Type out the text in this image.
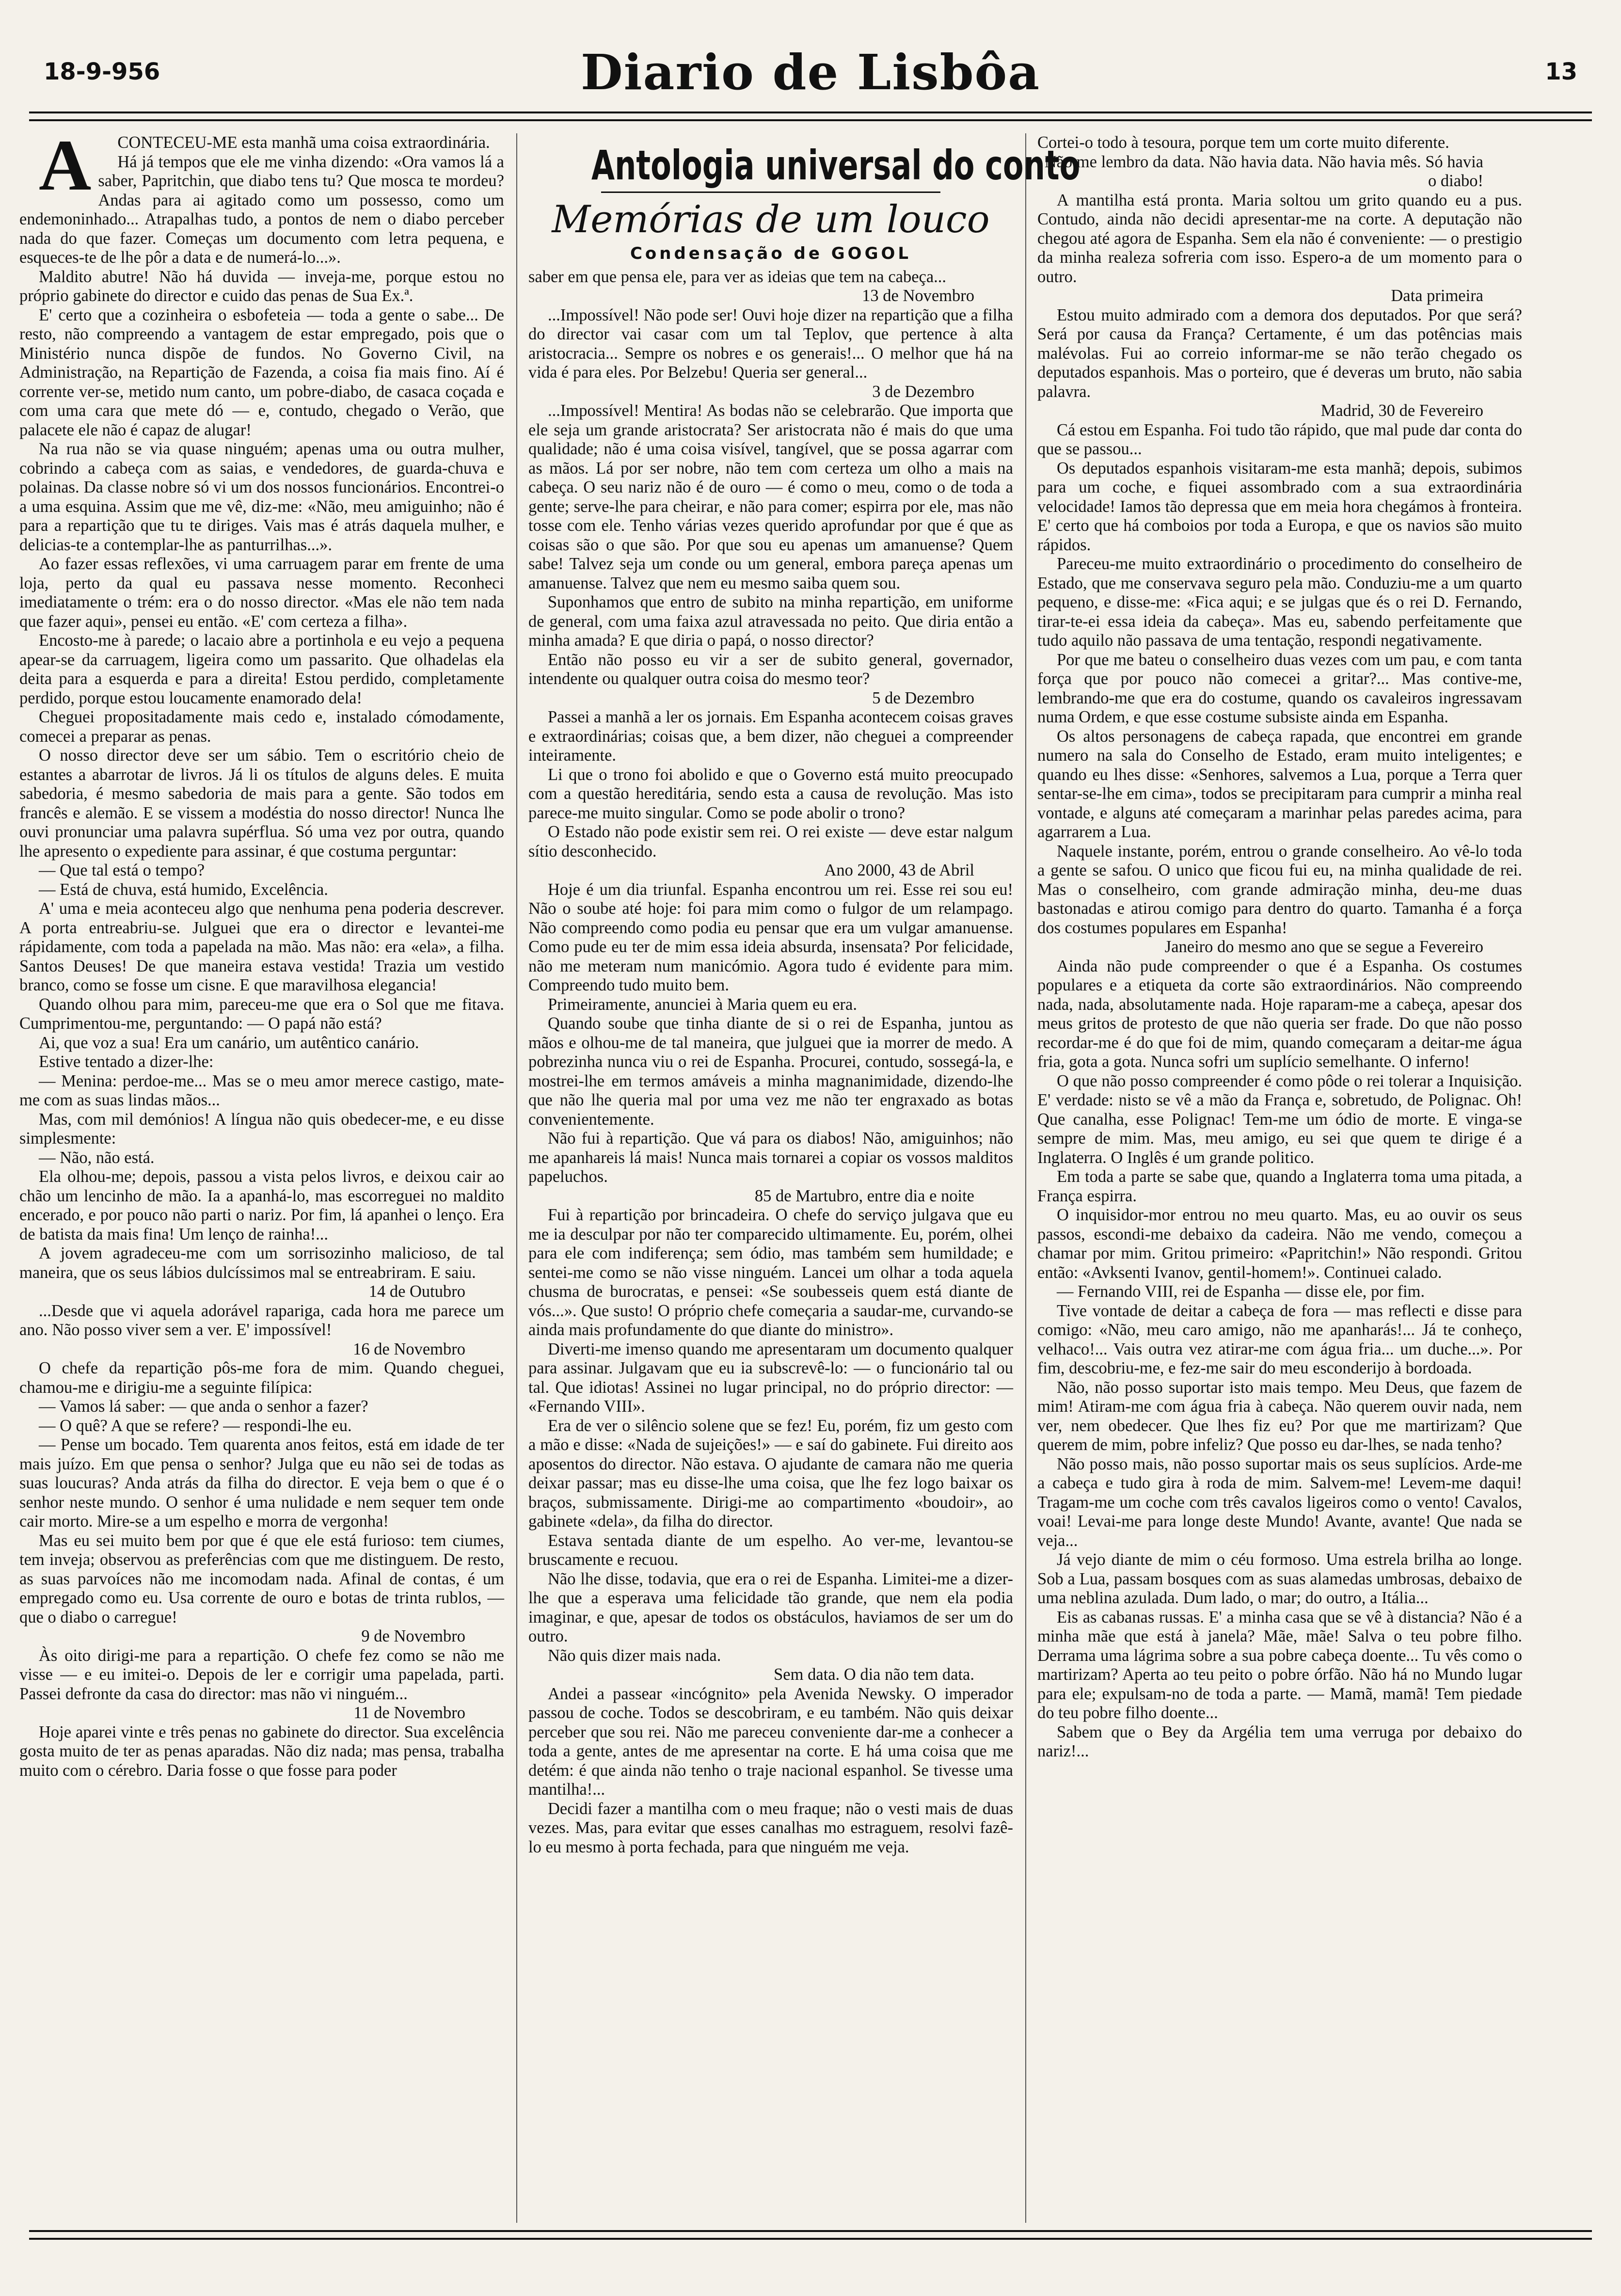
18-9-956	Diario de Lisbôa	13

ACONTECEU-ME esta manhã uma coisa extraordinária.

Há já tempos que ele me vinha dizendo: «Ora vamos lá a saber, Papritchin, que diabo tens tu? Que mosca te mordeu? Andas para ai agitado como um possesso, como um endemoninhado... Atrapalhas tudo, a pontos de nem o diabo perceber nada do que fazer. Começas um documento com letra pequena, e esqueces-te de lhe pôr a data e de numerá-lo...».

Maldito abutre! Não há duvida — inveja-me, porque estou no próprio gabinete do director e cuido das penas de Sua Ex.ª.

E' certo que a cozinheira o esbofeteia — toda a gente o sabe... De resto, não compreendo a vantagem de estar empregado, pois que o Ministério nunca dispõe de fundos. No Governo Civil, na Administração, na Repartição de Fazenda, a coisa fia mais fino. Aí é corrente ver-se, metido num canto, um pobre-diabo, de casaca coçada e com uma cara que mete dó — e, contudo, chegado o Verão, que palacete ele não é capaz de alugar!

Na rua não se via quase ninguém; apenas uma ou outra mulher, cobrindo a cabeça com as saias, e vendedores, de guarda-chuva e polainas. Da classe nobre só vi um dos nossos funcionários. Encontrei-o a uma esquina. Assim que me vê, diz-me: «Não, meu amiguinho; não é para a repartição que tu te diriges. Vais mas é atrás daquela mulher, e delicias-te a contemplar-lhe as panturrilhas...».

Ao fazer essas reflexões, vi uma carruagem parar em frente de uma loja, perto da qual eu passava nesse momento. Reconheci imediatamente o trém: era o do nosso director. «Mas ele não tem nada que fazer aqui», pensei eu então. «E' com certeza a filha».

Encosto-me à parede; o lacaio abre a portinhola e eu vejo a pequena apear-se da carruagem, ligeira como um passarito. Que olhadelas ela deita para a esquerda e para a direita! Estou perdido, completamente perdido, porque estou loucamente enamorado dela!

Cheguei propositadamente mais cedo e, instalado cómodamente, comecei a preparar as penas.

O nosso director deve ser um sábio. Tem o escritório cheio de estantes a abarrotar de livros. Já li os títulos de alguns deles. E muita sabedoria, é mesmo sabedoria de mais para a gente. São todos em francês e alemão. E se vissem a modéstia do nosso director! Nunca lhe ouvi pronunciar uma palavra supérflua. Só uma vez por outra, quando lhe apresento o expediente para assinar, é que costuma perguntar:

— Que tal está o tempo?

— Está de chuva, está humido, Excelência.

A' uma e meia aconteceu algo que nenhuma pena poderia descrever. A porta entreabriu-se. Julguei que era o director e levantei-me rápidamente, com toda a papelada na mão. Mas não: era «ela», a filha. Santos Deuses! De que maneira estava vestida! Trazia um vestido branco, como se fosse um cisne. E que maravilhosa elegancia!

Quando olhou para mim, pareceu-me que era o Sol que me fitava. Cumprimentou-me, perguntando: — O papá não está?

Ai, que voz a sua! Era um canário, um autêntico canário.

Estive tentado a dizer-lhe:

— Menina: perdoe-me... Mas se o meu amor merece castigo, mate-me com as suas lindas mãos...

Mas, com mil demónios! A língua não quis obedecer-me, e eu disse simplesmente:

— Não, não está.

Ela olhou-me; depois, passou a vista pelos livros, e deixou cair ao chão um lencinho de mão. Ia a apanhá-lo, mas escorreguei no maldito encerado, e por pouco não parti o nariz. Por fim, lá apanhei o lenço. Era de batista da mais fina! Um lenço de rainha!...

A jovem agradeceu-me com um sorrisozinho malicioso, de tal maneira, que os seus lábios dulcíssimos mal se entreabriram. E saiu.

14 de Outubro

...Desde que vi aquela adorável rapariga, cada hora me parece um ano. Não posso viver sem a ver. E' impossível!

16 de Novembro

O chefe da repartição pôs-me fora de mim. Quando cheguei, chamou-me e dirigiu-me a seguinte filípica:

— Vamos lá saber: — que anda o senhor a fazer?

— O quê? A que se refere? — respondi-lhe eu.

— Pense um bocado. Tem quarenta anos feitos, está em idade de ter mais juízo. Em que pensa o senhor? Julga que eu não sei de todas as suas loucuras? Anda atrás da filha do director. E veja bem o que é o senhor neste mundo. O senhor é uma nulidade e nem sequer tem onde cair morto. Mire-se a um espelho e morra de vergonha!

Mas eu sei muito bem por que é que ele está furioso: tem ciumes, tem inveja; observou as preferências com que me distinguem. De resto, as suas parvoíces não me incomodam nada. Afinal de contas, é um empregado como eu. Usa corrente de ouro e botas de trinta rublos, — que o diabo o carregue!

9 de Novembro

Às oito dirigi-me para a repartição. O chefe fez como se não me visse — e eu imitei-o. Depois de ler e corrigir uma papelada, parti. Passei defronte da casa do director: mas não vi ninguém...

11 de Novembro

Hoje aparei vinte e três penas no gabinete do director. Sua excelência gosta muito de ter as penas aparadas. Não diz nada; mas pensa, trabalha muito com o cérebro. Daria fosse o que fosse para poder

Antologia universal do conto
Memórias de um louco
Condensação de GOGOL

saber em que pensa ele, para ver as ideias que tem na cabeça...

13 de Novembro

...Impossível! Não pode ser! Ouvi hoje dizer na repartição que a filha do director vai casar com um tal Teplov, que pertence à alta aristocracia... Sempre os nobres e os generais!... O melhor que há na vida é para eles. Por Belzebu! Queria ser general...

3 de Dezembro

...Impossível! Mentira! As bodas não se celebrarão. Que importa que ele seja um grande aristocrata? Ser aristocrata não é mais do que uma qualidade; não é uma coisa visível, tangível, que se possa agarrar com as mãos. Lá por ser nobre, não tem com certeza um olho a mais na cabeça. O seu nariz não é de ouro — é como o meu, como o de toda a gente; serve-lhe para cheirar, e não para comer; espirra por ele, mas não tosse com ele. Tenho várias vezes querido aprofundar por que é que as coisas são o que são. Por que sou eu apenas um amanuense? Quem sabe! Talvez seja um conde ou um general, embora pareça apenas um amanuense. Talvez que nem eu mesmo saiba quem sou.

Suponhamos que entro de subito na minha repartição, em uniforme de general, com uma faixa azul atravessada no peito. Que diria então a minha amada? E que diria o papá, o nosso director?

Então não posso eu vir a ser de subito general, governador, intendente ou qualquer outra coisa do mesmo teor?

5 de Dezembro

Passei a manhã a ler os jornais. Em Espanha acontecem coisas graves e extraordinárias; coisas que, a bem dizer, não cheguei a compreender inteiramente.

Li que o trono foi abolido e que o Governo está muito preocupado com a questão hereditária, sendo esta a causa de revolução. Mas isto parece-me muito singular. Como se pode abolir o trono?

O Estado não pode existir sem rei. O rei existe — deve estar nalgum sítio desconhecido.

Ano 2000, 43 de Abril

Hoje é um dia triunfal. Espanha encontrou um rei. Esse rei sou eu! Não o soube até hoje: foi para mim como o fulgor de um relampago. Não compreendo como podia eu pensar que era um vulgar amanuense. Como pude eu ter de mim essa ideia absurda, insensata? Por felicidade, não me meteram num manicómio. Agora tudo é evidente para mim. Compreendo tudo muito bem.

Primeiramente, anunciei à Maria quem eu era.

Quando soube que tinha diante de si o rei de Espanha, juntou as mãos e olhou-me de tal maneira, que julguei que ia morrer de medo. A pobrezinha nunca viu o rei de Espanha. Procurei, contudo, sossegá-la, e mostrei-lhe em termos amáveis a minha magnanimidade, dizendo-lhe que não lhe queria mal por uma vez me não ter engraxado as botas convenientemente.

Não fui à repartição. Que vá para os diabos! Não, amiguinhos; não me apanhareis lá mais! Nunca mais tornarei a copiar os vossos malditos papeluchos.

85 de Martubro, entre dia e noite

Fui à repartição por brincadeira. O chefe do serviço julgava que eu me ia desculpar por não ter comparecido ultimamente. Eu, porém, olhei para ele com indiferença; sem ódio, mas também sem humildade; e sentei-me como se não visse ninguém. Lancei um olhar a toda aquela chusma de burocratas, e pensei: «Se soubesseis quem está diante de vós...». Que susto! O próprio chefe começaria a saudar-me, curvando-se ainda mais profundamente do que diante do ministro».

Diverti-me imenso quando me apresentaram um documento qualquer para assinar. Julgavam que eu ia subscrevê-lo: — o funcionário tal ou tal. Que idiotas! Assinei no lugar principal, no do próprio director: — «Fernando VIII».

Era de ver o silêncio solene que se fez! Eu, porém, fiz um gesto com a mão e disse: «Nada de sujeições!» — e saí do gabinete. Fui direito aos aposentos do director. Não estava. O ajudante de camara não me queria deixar passar; mas eu disse-lhe uma coisa, que lhe fez logo baixar os braços, submissamente. Dirigi-me ao compartimento «boudoir», ao gabinete «dela», da filha do director.

Estava sentada diante de um espelho. Ao ver-me, levantou-se bruscamente e recuou.

Não lhe disse, todavia, que era o rei de Espanha. Limitei-me a dizer-lhe que a esperava uma felicidade tão grande, que nem ela podia imaginar, e que, apesar de todos os obstáculos, haviamos de ser um do outro.

Não quis dizer mais nada.

Sem data. O dia não tem data.

Andei a passear «incógnito» pela Avenida Newsky. O imperador passou de coche. Todos se descobriram, e eu também. Não quis deixar perceber que sou rei. Não me pareceu conveniente dar-me a conhecer a toda a gente, antes de me apresentar na corte. E há uma coisa que me detém: é que ainda não tenho o traje nacional espanhol. Se tivesse uma mantilha!...

Decidi fazer a mantilha com o meu fraque; não o vesti mais de duas vezes. Mas, para evitar que esses canalhas mo estraguem, resolvi fazê-lo eu mesmo à porta fechada, para que ninguém me veja.

Cortei-o todo à tesoura, porque tem um corte muito diferente.

Não me lembro da data. Não havia data. Não havia mês. Só havia o diabo!

A mantilha está pronta. Maria soltou um grito quando eu a pus. Contudo, ainda não decidi apresentar-me na corte. A deputação não chegou até agora de Espanha. Sem ela não é conveniente: — o prestigio da minha realeza sofreria com isso. Espero-a de um momento para o outro.

Data primeira

Estou muito admirado com a demora dos deputados. Por que será? Será por causa da França? Certamente, é um das potências mais malévolas. Fui ao correio informar-me se não terão chegado os deputados espanhois. Mas o porteiro, que é deveras um bruto, não sabia palavra.

Madrid, 30 de Fevereiro

Cá estou em Espanha. Foi tudo tão rápido, que mal pude dar conta do que se passou...

Os deputados espanhois visitaram-me esta manhã; depois, subimos para um coche, e fiquei assombrado com a sua extraordinária velocidade! Iamos tão depressa que em meia hora chegámos à fronteira. E' certo que há comboios por toda a Europa, e que os navios são muito rápidos.

Pareceu-me muito extraordinário o procedimento do conselheiro de Estado, que me conservava seguro pela mão. Conduziu-me a um quarto pequeno, e disse-me: «Fica aqui; e se julgas que és o rei D. Fernando, tirar-te-ei essa ideia da cabeça». Mas eu, sabendo perfeitamente que tudo aquilo não passava de uma tentação, respondi negativamente.

Por que me bateu o conselheiro duas vezes com um pau, e com tanta força que por pouco não comecei a gritar?... Mas contive-me, lembrando-me que era do costume, quando os cavaleiros ingressavam numa Ordem, e que esse costume subsiste ainda em Espanha.

Os altos personagens de cabeça rapada, que encontrei em grande numero na sala do Conselho de Estado, eram muito inteligentes; e quando eu lhes disse: «Senhores, salvemos a Lua, porque a Terra quer sentar-se-lhe em cima», todos se precipitaram para cumprir a minha real vontade, e alguns até começaram a marinhar pelas paredes acima, para agarrarem a Lua.

Naquele instante, porém, entrou o grande conselheiro. Ao vê-lo toda a gente se safou. O unico que ficou fui eu, na minha qualidade de rei. Mas o conselheiro, com grande admiração minha, deu-me duas bastonadas e atirou comigo para dentro do quarto. Tamanha é a força dos costumes populares em Espanha!

Janeiro do mesmo ano que se segue a Fevereiro

Ainda não pude compreender o que é a Espanha. Os costumes populares e a etiqueta da corte são extraordinários. Não compreendo nada, nada, absolutamente nada. Hoje raparam-me a cabeça, apesar dos meus gritos de protesto de que não queria ser frade. Do que não posso recordar-me é do que foi de mim, quando começaram a deitar-me água fria, gota a gota. Nunca sofri um suplício semelhante. O inferno!

O que não posso compreender é como pôde o rei tolerar a Inquisição. E' verdade: nisto se vê a mão da França e, sobretudo, de Polignac. Oh! Que canalha, esse Polignac! Tem-me um ódio de morte. E vinga-se sempre de mim. Mas, meu amigo, eu sei que quem te dirige é a Inglaterra. O Inglês é um grande politico.

Em toda a parte se sabe que, quando a Inglaterra toma uma pitada, a França espirra.

O inquisidor-mor entrou no meu quarto. Mas, eu ao ouvir os seus passos, escondi-me debaixo da cadeira. Não me vendo, começou a chamar por mim. Gritou primeiro: «Papritchin!» Não respondi. Gritou então: «Avksenti Ivanov, gentil-homem!». Continuei calado.

— Fernando VIII, rei de Espanha — disse ele, por fim.

Tive vontade de deitar a cabeça de fora — mas reflecti e disse para comigo: «Não, meu caro amigo, não me apanharás!... Já te conheço, velhaco!... Vais outra vez atirar-me com água fria... um duche...». Por fim, descobriu-me, e fez-me sair do meu esconderijo à bordoada.

Não, não posso suportar isto mais tempo. Meu Deus, que fazem de mim! Atiram-me com água fria à cabeça. Não querem ouvir nada, nem ver, nem obedecer. Que lhes fiz eu? Por que me martirizam? Que querem de mim, pobre infeliz? Que posso eu dar-lhes, se nada tenho?

Não posso mais, não posso suportar mais os seus suplícios. Arde-me a cabeça e tudo gira à roda de mim. Salvem-me! Levem-me daqui! Tragam-me um coche com três cavalos ligeiros como o vento! Cavalos, voai! Levai-me para longe deste Mundo! Avante, avante! Que nada se veja...

Já vejo diante de mim o céu formoso. Uma estrela brilha ao longe. Sob a Lua, passam bosques com as suas alamedas umbrosas, debaixo de uma neblina azulada. Dum lado, o mar; do outro, a Itália...

Eis as cabanas russas. E' a minha casa que se vê à distancia? Não é a minha mãe que está à janela? Mãe, mãe! Salva o teu pobre filho. Derrama uma lágrima sobre a sua pobre cabeça doente... Tu vês como o martirizam? Aperta ao teu peito o pobre órfão. Não há no Mundo lugar para ele; expulsam-no de toda a parte. — Mamã, mamã! Tem piedade do teu pobre filho doente...

Sabem que o Bey da Argélia tem uma verruga por debaixo do nariz!...
